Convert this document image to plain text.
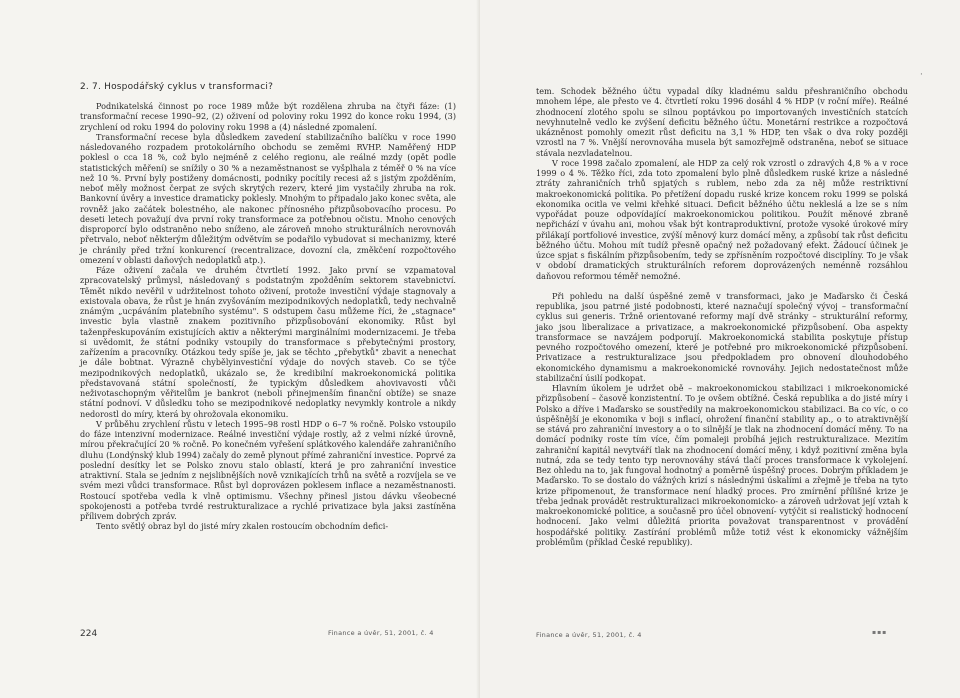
2. 7. Hospodářský cyklus v transformaci?

Podnikatelská činnost po roce 1989 může být rozdělena zhruba na čtyři fáze: (1) transformační recese 1990–92, (2) oživení od poloviny roku 1992 do konce roku 1994, (3) zrychlení od roku 1994 do poloviny roku 1998 a (4) následné zpomalení.

Transformační recese byla důsledkem zavedení stabilizačního balíčku v roce 1990 následovaného rozpadem protokolárního obchodu se zeměmi RVHP. Naměřený HDP poklesl o cca 18 %, což bylo nejméně z celého regionu, ale reálné mzdy (opět podle statistických měření) se snížily o 30 % a nezaměstnanost se vyšplhala z téměř 0 % na více než 10 %. První byly postiženy domácnosti, podniky pocítily recesi až s jistým zpožděním, neboť měly možnost čerpat ze svých skrytých rezerv, které jim vystačily zhruba na rok. Bankovní úvěry a investice dramaticky poklesly. Mnohým to připadalo jako konec světa, ale rovněž jako začátek bolestného, ale nakonec přínosného přizpůsobovacího procesu. Po deseti letech považují dva první roky transformace za potřebnou očistu. Mnoho cenových disproporcí bylo odstraněno nebo sníženo, ale zároveň mnoho strukturálních nerovnováh přetrvalo, neboť některým důležitým odvětvím se podařilo vybudovat si mechanizmy, které je chránily před tržní konkurencí (recentralizace, dovozní cla, změkčení rozpočtového omezení v oblasti daňových nedoplatků atp.).

Fáze oživení začala ve druhém čtvrtletí 1992. Jako první se vzpamatoval zpracovatelský průmysl, následovaný s podstatným zpožděním sektorem stavebnictví. Těmět nikdo nevěřil v udržitelnost tohoto oživení, protože investiční výdaje stagnovaly a existovala obava, že růst je hnán zvyšováním mezipodnikových nedoplatků, tedy nechvalně známým „ucpáváním platebního systému". S odstupem času můžeme říci, že „stagnace" investic byla vlastně znakem pozitivního přizpůsobování ekonomiky. Růst byl taženpřeskupováním existujících aktiv a některými marginálními modernizacemi. Je třeba si uvědomit, že státní podniky vstoupily do transformace s přebytečnými prostory, zařízením a pracovníky. Otázkou tedy spíše je, jak se těchto „přebytků" zbavit a nenechat je dále bobtnat. Výrazně chybělyinvestiční výdaje do nových staveb. Co se týče mezipodnikových nedoplatků, ukázalo se, že kredibilní makroekonomická politika představovaná státní společností, že typickým důsledkem ahovivavosti vůči neživotaschopným věřitelům je bankrot (neboli přinejmenším finanční obtíže) se snaze státní podnoví. V důsledku toho se mezipodnikové nedoplatky nevymkly kontrole a nikdy nedorostl do míry, která by ohrožovala ekonomiku.

V průběhu zrychlení růstu v letech 1995–98 rostl HDP o 6–7 % ročně. Polsko vstoupilo do fáze intenzivní modernizace. Reálné investiční výdaje rostly, až z velmi nízké úrovně, mírou překračující 20 % ročně. Po konečném vyřešení splátkového kalendáře zahraničního dluhu (Londýnský klub 1994) začaly do země plynout přímé zahraniční investice. Poprvé za poslední desítky let se Polsko znovu stalo oblastí, která je pro zahraniční investice atraktivní. Stala se jedním z nejslibnějších nově vznikajících trhů na světě a rozvíjela se ve svém mezi vůdci transformace. Růst byl doprovázen poklesem inflace a nezaměstnanosti. Rostoucí spotřeba vedla k vlně optimismu. Všechny přinesl jistou dávku všeobecné spokojenosti a potřeba tvrdé restrukturalizace a rychlé privatizace byla jaksi zastíněna přílivem dobrých zpráv.

Tento světlý obraz byl do jisté míry zkalen rostoucím obchodním defici-

224	Finance a úvěr, 51, 2001, č. 4

tem. Schodek běžného účtu vypadal díky kladnému saldu přeshraničního obchodu mnohem lépe, ale přesto ve 4. čtvrtletí roku 1996 dosáhl 4 % HDP (v roční míře). Reálné zhodnocení zlotého spolu se silnou poptávkou po importovaných investičních statcích nevyhnutelně vedlo ke zvýšení deficitu běžného účtu. Monetární restrikce a rozpočtová ukázněnost pomohly omezit růst deficitu na 3,1 % HDP, ten však o dva roky později vzrostl na 7 %. Vnější nerovnováha musela být samozřejmě odstraněna, neboť se situace stávala nezvladatelnou.

V roce 1998 začalo zpomalení, ale HDP za celý rok vzrostl o zdravých 4,8 % a v roce 1999 o 4 %. Těžko říci, zda toto zpomalení bylo plně důsledkem ruské krize a následné ztráty zahraničních trhů spjatých s rublem, nebo zda za něj může restriktivní makroekonomická politika. Po přetížení dopadu ruské krize koncem roku 1999 se polská ekonomika ocitla ve velmi křehké situaci. Deficit běžného účtu nekleslá a lze se s ním vypořádat pouze odpovídající makroekonomickou politikou. Použít měnové zbraně nepřichází v úvahu ani, mohou však být kontraproduktivní, protože vysoké úrokové míry přilákají portfoliové investice, zvýší měnový kurz domácí měny, a způsobí tak růst deficitu běžného účtu. Mohou mít tudíž přesně opačný než požadovaný efekt. Žádoucí účinek je úzce spjat s fiskálním přizpůsobením, tedy se zpřísněním rozpočtové disciplíny. To je však v období dramatických strukturálních reforem doprovázených neménně rozsáhlou daňovou reformou téměř nemožné.

Při pohledu na další úspěšné země v transformaci, jako je Maďarsko či Česká republika, jsou patrné jisté podobnosti, které naznačují společný vývoj – transformační cyklus sui generis. Tržně orientované reformy mají dvě stránky – strukturální reformy, jako jsou liberalizace a privatizace, a makroekonomické přizpůsobení. Oba aspekty transformace se navzájem podporují. Makroekonomická stabilita poskytuje přístup pevného rozpočtového omezení, které je potřebné pro mikroekonomické přizpůsobení. Privatizace a restrukturalizace jsou předpokladem pro obnovení dlouhodobého ekonomického dynamismu a makroekonomické rovnováhy. Jejich nedostatečnost může stabilizační úsilí podkopat.

Hlavním úkolem je udržet obě – makroekonomickou stabilizaci i mikroekonomické přizpůsobení – časově konzistentní. To je ovšem obtížné. Česká republika a do jisté míry i Polsko a dříve i Maďarsko se soustředily na makroekonomickou stabilizaci. Ba co víc, o co úspěšnější je ekonomika v boji s inflací, ohrožení finanční stability ap., o to atraktivnější se stává pro zahraniční investory a o to silnější je tlak na zhodnocení domácí měny. To na domácí podniky roste tím více, čím pomaleji probíhá jejich restrukturalizace. Mezitím zahraniční kapitál nevytváří tlak na zhodnocení domácí měny, i když pozitivní změna byla nutná, zda se tedy tento typ nerovnováhy stává tlačí proces transformace k vykolejení. Bez ohledu na to, jak fungoval hodnotný a poměrně úspěšný proces. Dobrým příkladem je Maďarsko. To se dostalo do vážných krizí s následnými úskalími a zřejmě je třeba na tyto krize připomenout, že transformace není hladký proces. Pro zmírnění přílišné krize je třeba jednak provádět restrukturalizaci mikroekonomicko- a zároveň udržovat její vztah k makroekonomické politice, a současně pro účel obnovení- vytýčit si realistický hodnocení hodnocení. Jako velmi důležitá priorita považovat transparentnost v provádění hospodářské politiky. Zastírání problémů může totiž vést k ekonomicky vážnějším problémům (příklad České republiky).

·
Finance a úvěr, 51, 2001, č. 4	▪▪▪
